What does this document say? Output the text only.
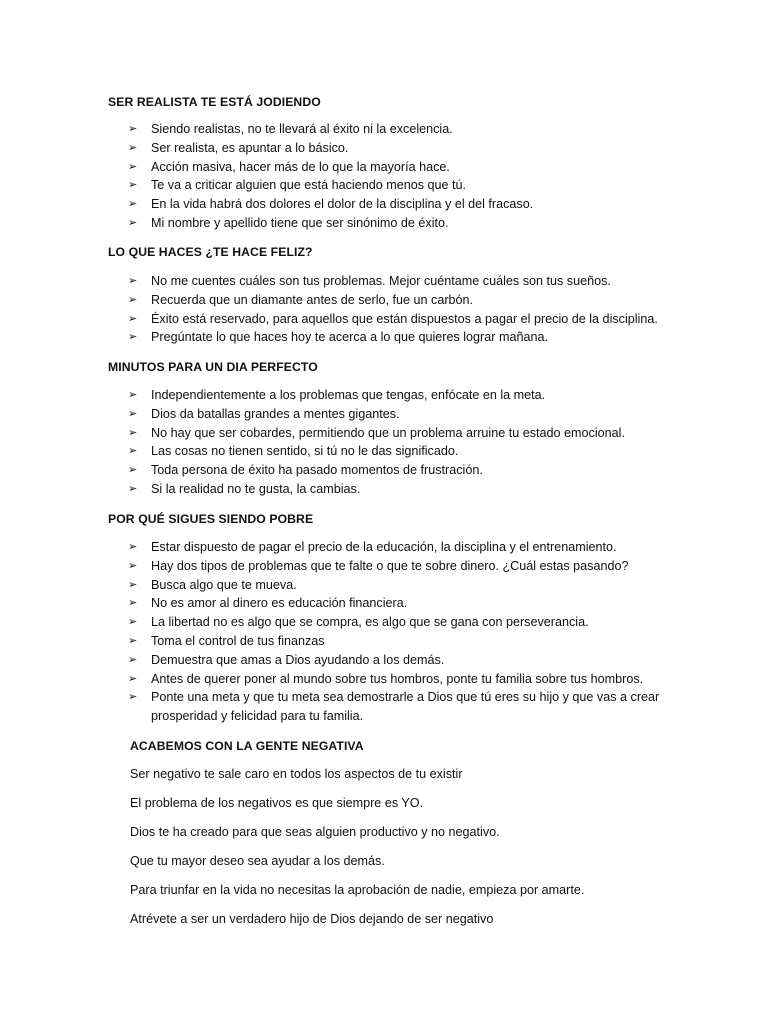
SER REALISTA TE ESTÁ JODIENDO
➢ Siendo realistas, no te llevará al éxito ni la excelencia.
➢ Ser realista, es apuntar a lo básico.
➢ Acción masiva, hacer más de lo que la mayoría hace.
➢ Te va a criticar alguien que está haciendo menos que tú.
➢ En la vida habrá dos dolores el dolor de la disciplina y el del fracaso.
➢ Mi nombre y apellido tiene que ser sinónimo de éxito.
LO QUE HACES ¿TE HACE FELIZ?
➢ No me cuentes cuáles son tus problemas. Mejor cuéntame cuáles son tus sueños.
➢ Recuerda que un diamante antes de serlo, fue un carbón.
➢ Éxito está reservado, para aquellos que están dispuestos a pagar el precio de la disciplina.
➢ Pregúntate lo que haces hoy te acerca a lo que quieres lograr mañana.
MINUTOS PARA UN DIA PERFECTO
➢ Independientemente a los problemas que tengas, enfócate en la meta.
➢ Dios da batallas grandes a mentes gigantes.
➢ No hay que ser cobardes, permitiendo que un problema arruine tu estado emocional.
➢ Las cosas no tienen sentido, si tú no le das significado.
➢ Toda persona de éxito ha pasado momentos de frustración.
➢ Si la realidad no te gusta, la cambias.
POR QUÉ SIGUES SIENDO POBRE
➢ Estar dispuesto de pagar el precio de la educación, la disciplina y el entrenamiento.
➢ Hay dos tipos de problemas que te falte o que te sobre dinero. ¿Cuál estas pasando?
➢ Busca algo que te mueva.
➢ No es amor al dinero es educación financiera.
➢ La libertad no es algo que se compra, es algo que se gana con perseverancia.
➢ Toma el control de tus finanzas
➢ Demuestra que amas a Dios ayudando a los demás.
➢ Antes de querer poner al mundo sobre tus hombros, ponte tu familia sobre tus hombros.
➢ Ponte una meta y que tu meta sea demostrarle a Dios que tú eres su hijo y que vas a crear prosperidad y felicidad para tu familia.
ACABEMOS CON LA GENTE NEGATIVA
Ser negativo te sale caro en todos los aspectos de tu existir
El problema de los negativos es que siempre es YO.
Dios te ha creado para que seas alguien productivo y no negativo.
Que tu mayor deseo sea ayudar a los demás.
Para triunfar en la vida no necesitas la aprobación de nadie, empieza por amarte.
Atrévete a ser un verdadero hijo de Dios dejando de ser negativo
